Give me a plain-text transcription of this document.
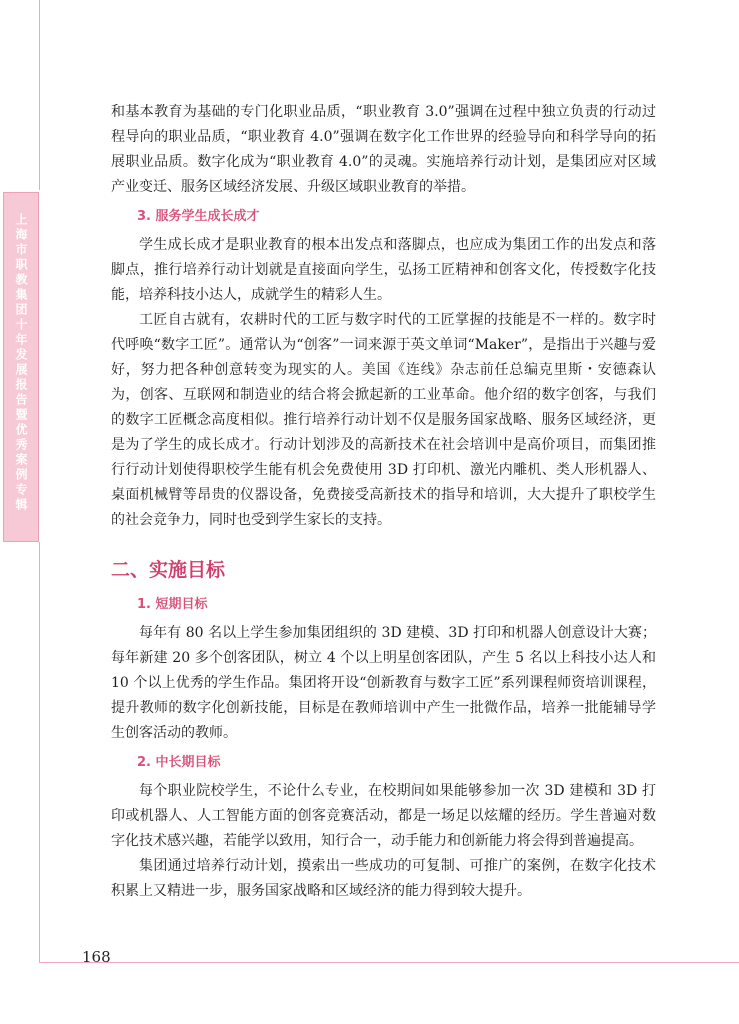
上海市职教集团十年发展报告暨优秀案例专辑

和基本教育为基础的专门化职业品质，“职业教育 3.0”强调在过程中独立负责的行动过程导向的职业品质，“职业教育 4.0”强调在数字化工作世界的经验导向和科学导向的拓展职业品质。数字化成为“职业教育 4.0”的灵魂。实施培养行动计划，是集团应对区域产业变迁、服务区域经济发展、升级区域职业教育的举措。

3. 服务学生成长成才

学生成长成才是职业教育的根本出发点和落脚点，也应成为集团工作的出发点和落脚点，推行培养行动计划就是直接面向学生，弘扬工匠精神和创客文化，传授数字化技能，培养科技小达人，成就学生的精彩人生。

工匠自古就有，农耕时代的工匠与数字时代的工匠掌握的技能是不一样的。数字时代呼唤“数字工匠”。通常认为“创客”一词来源于英文单词“Maker”，是指出于兴趣与爱好，努力把各种创意转变为现实的人。美国《连线》杂志前任总编克里斯・安德森认为，创客、互联网和制造业的结合将会掀起新的工业革命。他介绍的数字创客，与我们的数字工匠概念高度相似。推行培养行动计划不仅是服务国家战略、服务区域经济，更是为了学生的成长成才。行动计划涉及的高新技术在社会培训中是高价项目，而集团推行行动计划使得职校学生能有机会免费使用 3D 打印机、激光内雕机、类人形机器人、桌面机械臂等昂贵的仪器设备，免费接受高新技术的指导和培训，大大提升了职校学生的社会竞争力，同时也受到学生家长的支持。

二、实施目标
1. 短期目标

每年有 80 名以上学生参加集团组织的 3D 建模、3D 打印和机器人创意设计大赛；每年新建 20 多个创客团队，树立 4 个以上明星创客团队，产生 5 名以上科技小达人和 10 个以上优秀的学生作品。集团将开设“创新教育与数字工匠”系列课程师资培训课程，提升教师的数字化创新技能，目标是在教师培训中产生一批微作品，培养一批能辅导学生创客活动的教师。

2. 中长期目标

每个职业院校学生，不论什么专业，在校期间如果能够参加一次 3D 建模和 3D 打印或机器人、人工智能方面的创客竞赛活动，都是一场足以炫耀的经历。学生普遍对数字化技术感兴趣，若能学以致用，知行合一，动手能力和创新能力将会得到普遍提高。

集团通过培养行动计划，摸索出一些成功的可复制、可推广的案例，在数字化技术积累上又精进一步，服务国家战略和区域经济的能力得到较大提升。

168
